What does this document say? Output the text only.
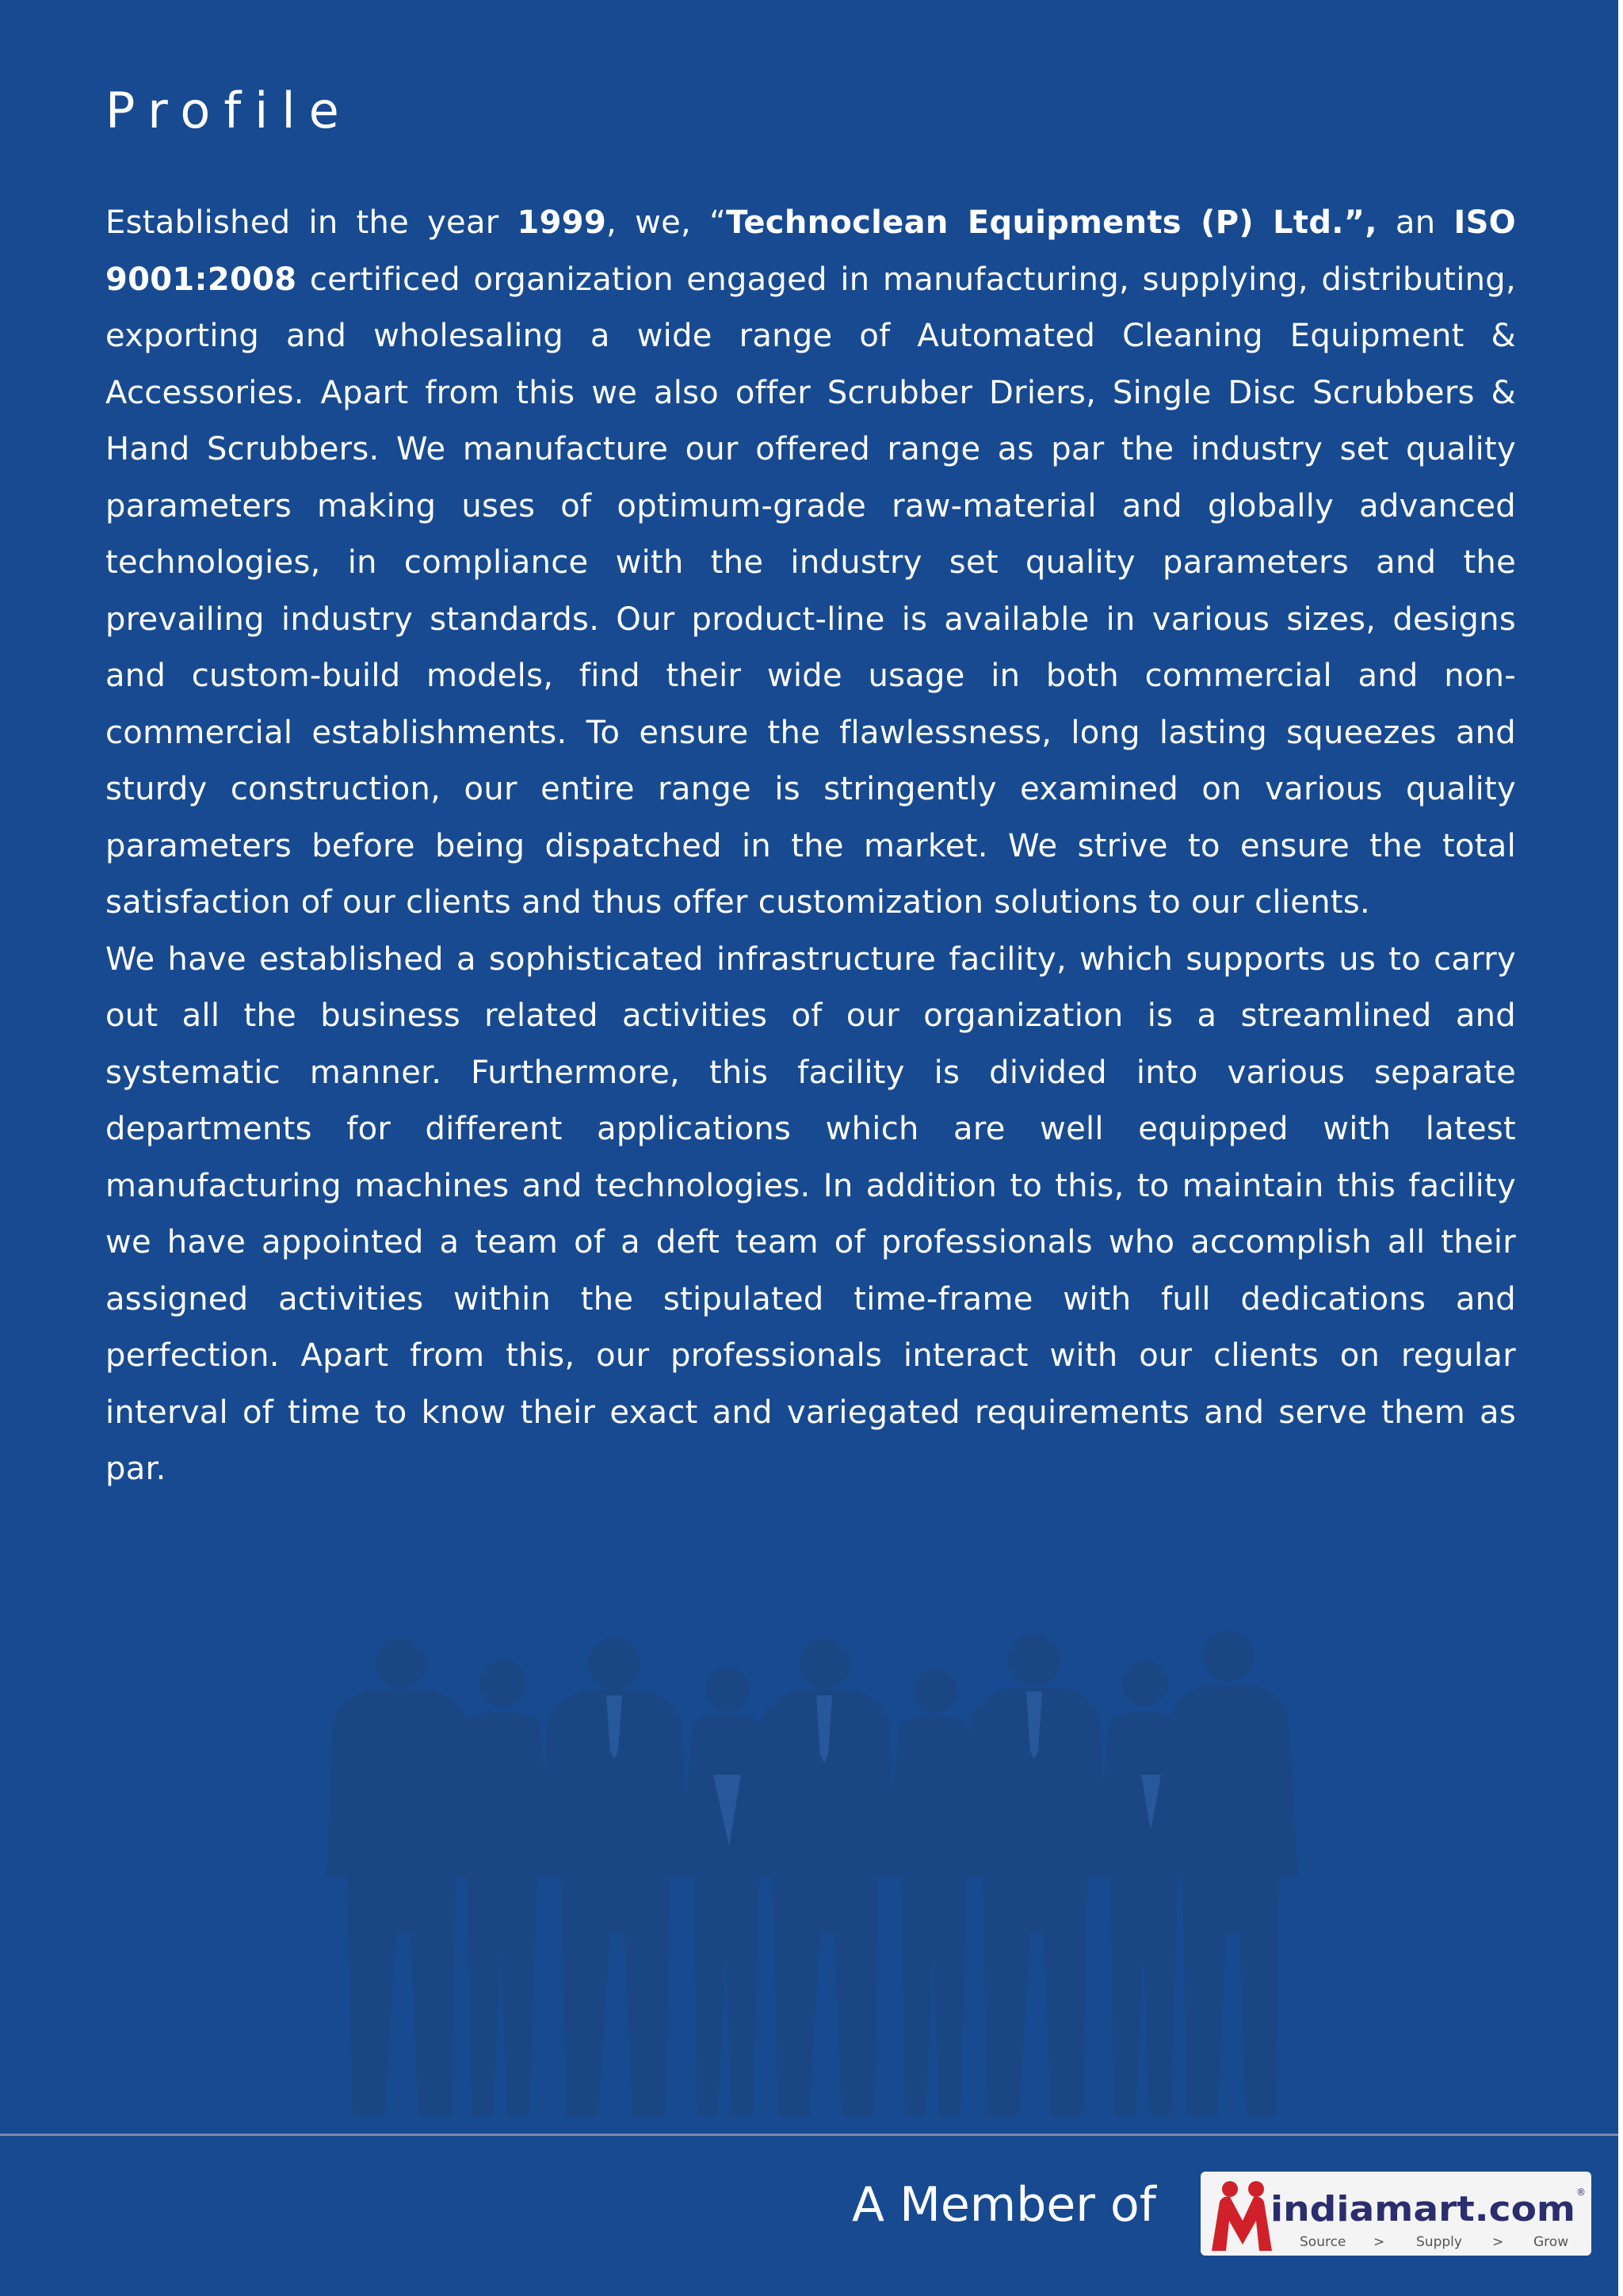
Profile

Established in the year 1999, we, “Technoclean Equipments (P) Ltd.”, an ISO 9001:2008 certificed organization engaged in manufacturing, supplying, distributing, exporting and wholesaling a wide range of Automated Cleaning Equipment & Accessories. Apart from this we also offer Scrubber Driers, Single Disc Scrubbers & Hand Scrubbers. We manufacture our offered range as par the industry set quality parameters making uses of optimum-grade raw-material and globally advanced technologies, in compliance with the industry set quality parameters and the prevailing industry standards. Our product-line is available in various sizes, designs and custom-build models, find their wide usage in both commercial and non-commercial establishments. To ensure the flawlessness, long lasting squeezes and sturdy construction, our entire range is stringently examined on various quality parameters before being dispatched in the market. We strive to ensure the total satisfaction of our clients and thus offer customization solutions to our clients.

We have established a sophisticated infrastructure facility, which supports us to carry out all the business related activities of our organization is a streamlined and systematic manner. Furthermore, this facility is divided into various separate departments for different applications which are well equipped with latest manufacturing machines and technologies. In addition to this, to maintain this facility we have appointed a team of a deft team of professionals who accomplish all their assigned activities within the stipulated time-frame with full dedications and perfection. Apart from this, our professionals interact with our clients on regular interval of time to know their exact and variegated requirements and serve them as par.

A Member of	indiamart.com ®
Source > Supply > Grow
